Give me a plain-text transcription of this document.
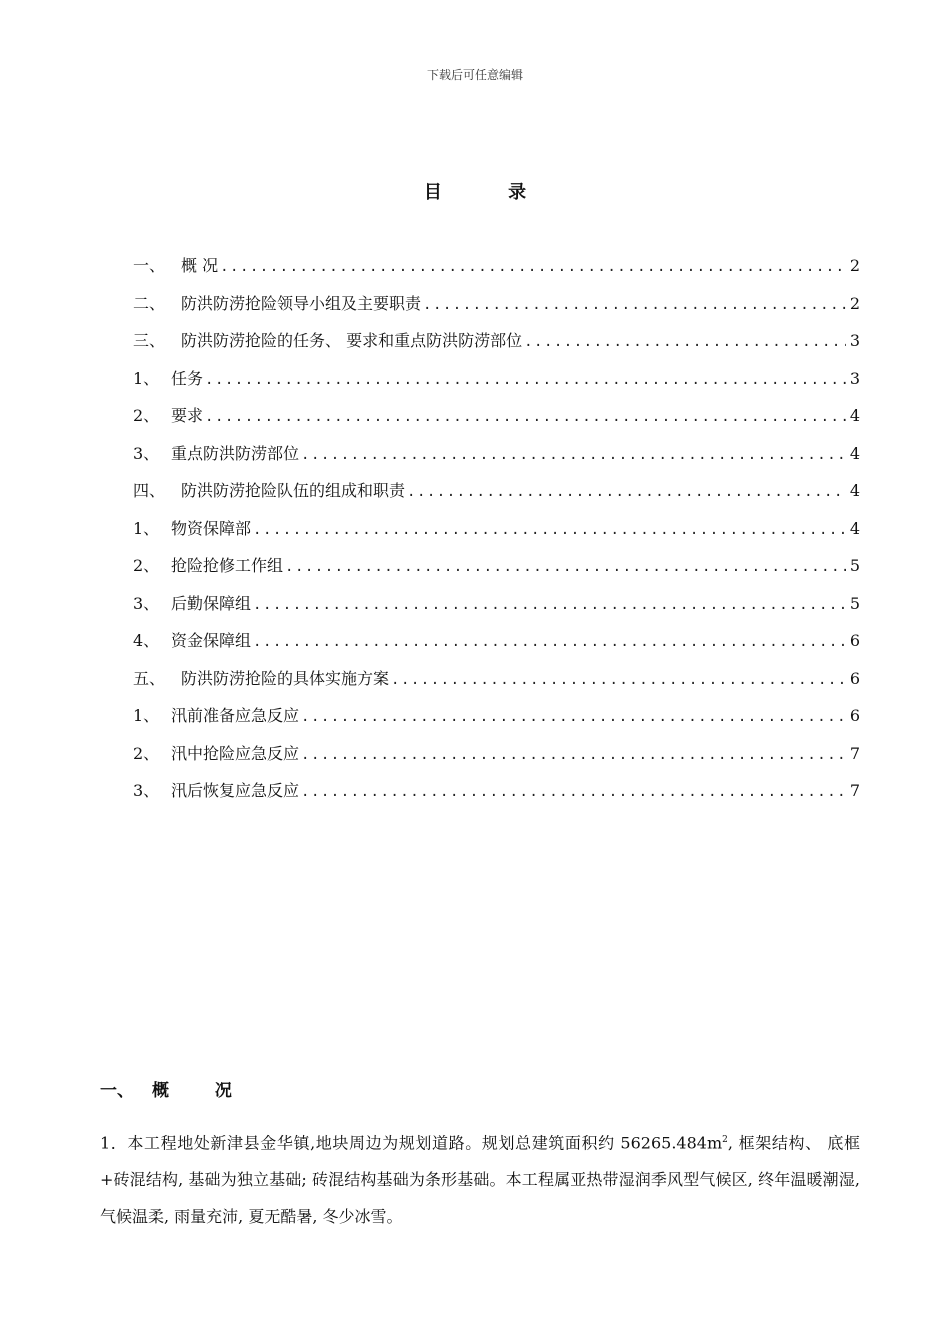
下载后可任意编辑
目 录
一、 概 况 .....	2
二、 防洪防涝抢险领导小组及主要职责 .....	2
三、 防洪防涝抢险的任务、 要求和重点防洪防涝部位 .....	3
1、 任务 .....	3
2、 要求 .....	4
3、 重点防洪防涝部位 .....	4
四、 防洪防涝抢险队伍的组成和职责 .....	4
1、 物资保障部 .....	4
2、 抢险抢修工作组 .....	5
3、 后勤保障组 .....	5
4、 资金保障组 .....	6
五、 防洪防涝抢险的具体实施方案 .....	6
1、 汛前准备应急反应 .....	6
2、 汛中抢险应急反应 .....	7
3、 汛后恢复应急反应 .....	7
一、 概 况
1．本工程地处新津县金华镇,地块周边为规划道路。规划总建筑面积约 $56265.484m^2$, 框架结构、 底框+砖混结构, 基础为独立基础; 砖混结构基础为条形基础。本工程属亚热带湿润季风型气候区, 终年温暖潮湿, 气候温柔, 雨量充沛, 夏无酷暑, 冬少冰雪。
